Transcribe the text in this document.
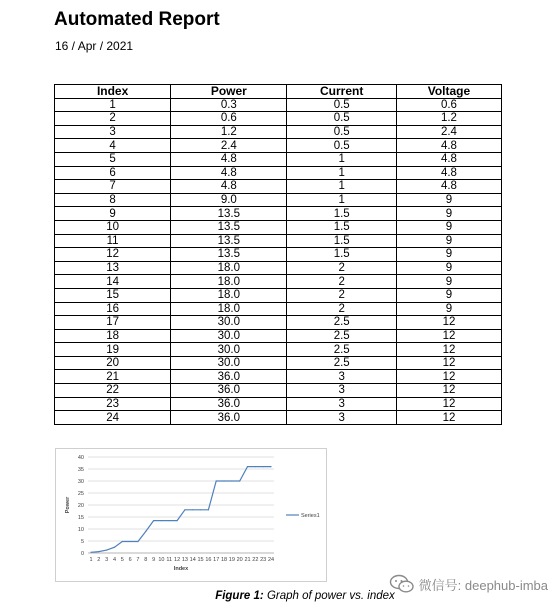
Automated Report
16 / Apr / 2021
Index	Power	Current	Voltage
1	0.3	0.5	0.6
2	0.6	0.5	1.2
3	1.2	0.5	2.4
4	2.4	0.5	4.8
5	4.8	1	4.8
6	4.8	1	4.8
7	4.8	1	4.8
8	9.0	1	9
9	13.5	1.5	9
10	13.5	1.5	9
11	13.5	1.5	9
12	13.5	1.5	9
13	18.0	2	9
14	18.0	2	9
15	18.0	2	9
16	18.0	2	9
17	30.0	2.5	12
18	30.0	2.5	12
19	30.0	2.5	12
20	30.0	2.5	12
21	36.0	3	12
22	36.0	3	12
23	36.0	3	12
24	36.0	3	12
0
5
10
15
20
25
30
35
40
1 2 3 4 5 6 7 8 9 10 11 12 13 14 15 16 17 18 19 20 21 22 23 24
Index
Power
Series1
Figure 1: Graph of power vs. index
微信号: deephub-imba
